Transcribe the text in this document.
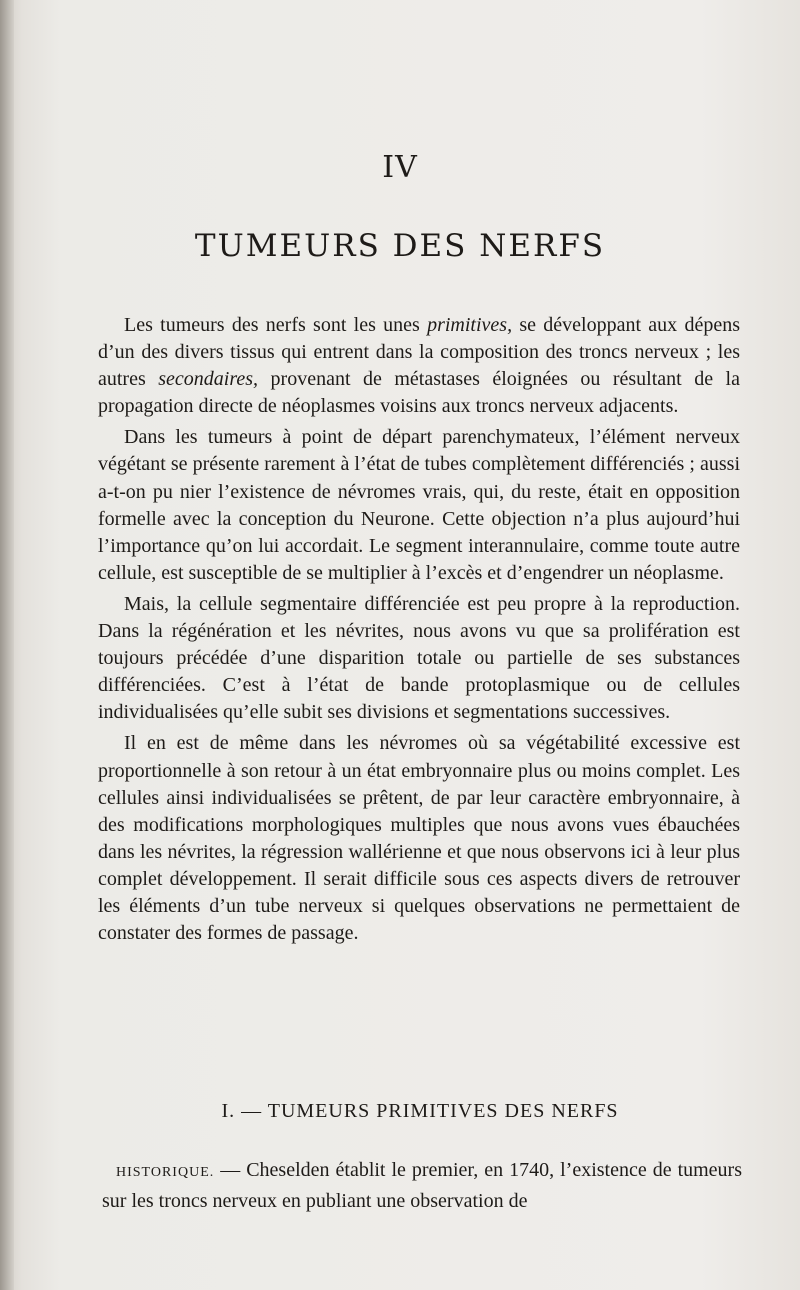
IV
TUMEURS DES NERFS

Les tumeurs des nerfs sont les unes primitives, se développant aux dépens d’un des divers tissus qui entrent dans la composition des troncs nerveux ; les autres secondaires, provenant de métastases éloignées ou résultant de la propagation directe de néoplasmes voisins aux troncs nerveux adjacents.

Dans les tumeurs à point de départ parenchymateux, l’élément nerveux végétant se présente rarement à l’état de tubes complètement différenciés ; aussi a-t-on pu nier l’existence de névromes vrais, qui, du reste, était en opposition formelle avec la conception du Neurone. Cette objection n’a plus aujourd’hui l’importance qu’on lui accordait. Le segment interannulaire, comme toute autre cellule, est susceptible de se multiplier à l’excès et d’engendrer un néoplasme.

Mais, la cellule segmentaire différenciée est peu propre à la reproduction. Dans la régénération et les névrites, nous avons vu que sa prolifération est toujours précédée d’une disparition totale ou partielle de ses substances différenciées. C’est à l’état de bande protoplasmique ou de cellules individualisées qu’elle subit ses divisions et segmentations successives.

Il en est de même dans les névromes où sa végétabilité excessive est proportionnelle à son retour à un état embryonnaire plus ou moins complet. Les cellules ainsi individualisées se prêtent, de par leur caractère embryonnaire, à des modifications morphologiques multiples que nous avons vues ébauchées dans les névrites, la régression wallérienne et que nous observons ici à leur plus complet développement. Il serait difficile sous ces aspects divers de retrouver les éléments d’un tube nerveux si quelques observations ne permettaient de constater des formes de passage.

I. — TUMEURS PRIMITIVES DES NERFS

HISTORIQUE. — Cheselden établit le premier, en 1740, l’existence de tumeurs sur les troncs nerveux en publiant une observation de
